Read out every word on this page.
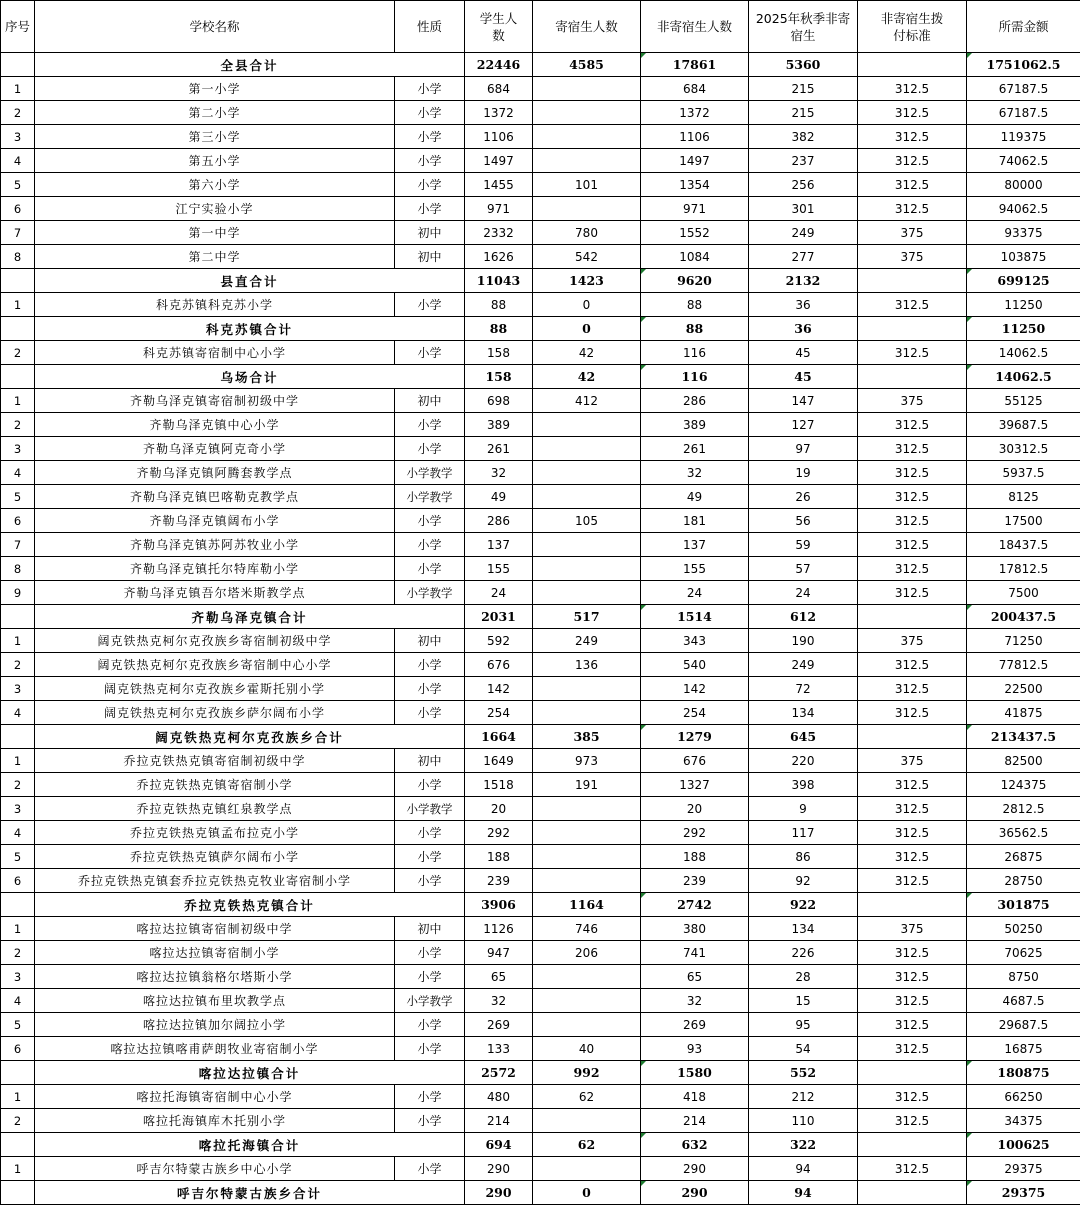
序号	学校名称	性质	学生人数	寄宿生人数	非寄宿生人数	2025年秋季非寄宿生	非寄宿生拨付标准	所需金额
	全县合计		22446	4585	17861	5360		1751062.5
1	第一小学	小学	684		684	215	312.5	67187.5
2	第二小学	小学	1372		1372	215	312.5	67187.5
3	第三小学	小学	1106		1106	382	312.5	119375
4	第五小学	小学	1497		1497	237	312.5	74062.5
5	第六小学	小学	1455	101	1354	256	312.5	80000
6	江宁实验小学	小学	971		971	301	312.5	94062.5
7	第一中学	初中	2332	780	1552	249	375	93375
8	第二中学	初中	1626	542	1084	277	375	103875
	县直合计		11043	1423	9620	2132		699125
1	科克苏镇科克苏小学	小学	88	0	88	36	312.5	11250
	科克苏镇合计		88	0	88	36		11250
2	科克苏镇寄宿制中心小学	小学	158	42	116	45	312.5	14062.5
	乌场合计		158	42	116	45		14062.5
1	齐勒乌泽克镇寄宿制初级中学	初中	698	412	286	147	375	55125
2	齐勒乌泽克镇中心小学	小学	389		389	127	312.5	39687.5
3	齐勒乌泽克镇阿克奇小学	小学	261		261	97	312.5	30312.5
4	齐勒乌泽克镇阿腾套教学点	小学教学	32		32	19	312.5	5937.5
5	齐勒乌泽克镇巴喀勒克教学点	小学教学	49		49	26	312.5	8125
6	齐勒乌泽克镇阔布小学	小学	286	105	181	56	312.5	17500
7	齐勒乌泽克镇苏阿苏牧业小学	小学	137		137	59	312.5	18437.5
8	齐勒乌泽克镇托尔特库勒小学	小学	155		155	57	312.5	17812.5
9	齐勒乌泽克镇吾尔塔米斯教学点	小学教学	24		24	24	312.5	7500
	齐勒乌泽克镇合计		2031	517	1514	612		200437.5
1	阔克铁热克柯尔克孜族乡寄宿制初级中学	初中	592	249	343	190	375	71250
2	阔克铁热克柯尔克孜族乡寄宿制中心小学	小学	676	136	540	249	312.5	77812.5
3	阔克铁热克柯尔克孜族乡霍斯托别小学	小学	142		142	72	312.5	22500
4	阔克铁热克柯尔克孜族乡萨尔阔布小学	小学	254		254	134	312.5	41875
	阔克铁热克柯尔克孜族乡合计		1664	385	1279	645		213437.5
1	乔拉克铁热克镇寄宿制初级中学	初中	1649	973	676	220	375	82500
2	乔拉克铁热克镇寄宿制小学	小学	1518	191	1327	398	312.5	124375
3	乔拉克铁热克镇红泉教学点	小学教学	20		20	9	312.5	2812.5
4	乔拉克铁热克镇孟布拉克小学	小学	292		292	117	312.5	36562.5
5	乔拉克铁热克镇萨尔阔布小学	小学	188		188	86	312.5	26875
6	乔拉克铁热克镇套乔拉克铁热克牧业寄宿制小学	小学	239		239	92	312.5	28750
	乔拉克铁热克镇合计		3906	1164	2742	922		301875
1	喀拉达拉镇寄宿制初级中学	初中	1126	746	380	134	375	50250
2	喀拉达拉镇寄宿制小学	小学	947	206	741	226	312.5	70625
3	喀拉达拉镇翁格尔塔斯小学	小学	65		65	28	312.5	8750
4	喀拉达拉镇布里坎教学点	小学教学	32		32	15	312.5	4687.5
5	喀拉达拉镇加尔阔拉小学	小学	269		269	95	312.5	29687.5
6	喀拉达拉镇喀甫萨朗牧业寄宿制小学	小学	133	40	93	54	312.5	16875
	喀拉达拉镇合计		2572	992	1580	552		180875
1	喀拉托海镇寄宿制中心小学	小学	480	62	418	212	312.5	66250
2	喀拉托海镇库木托别小学	小学	214		214	110	312.5	34375
	喀拉托海镇合计		694	62	632	322		100625
1	呼吉尔特蒙古族乡中心小学	小学	290		290	94	312.5	29375
	呼吉尔特蒙古族乡合计		290	0	290	94		29375
